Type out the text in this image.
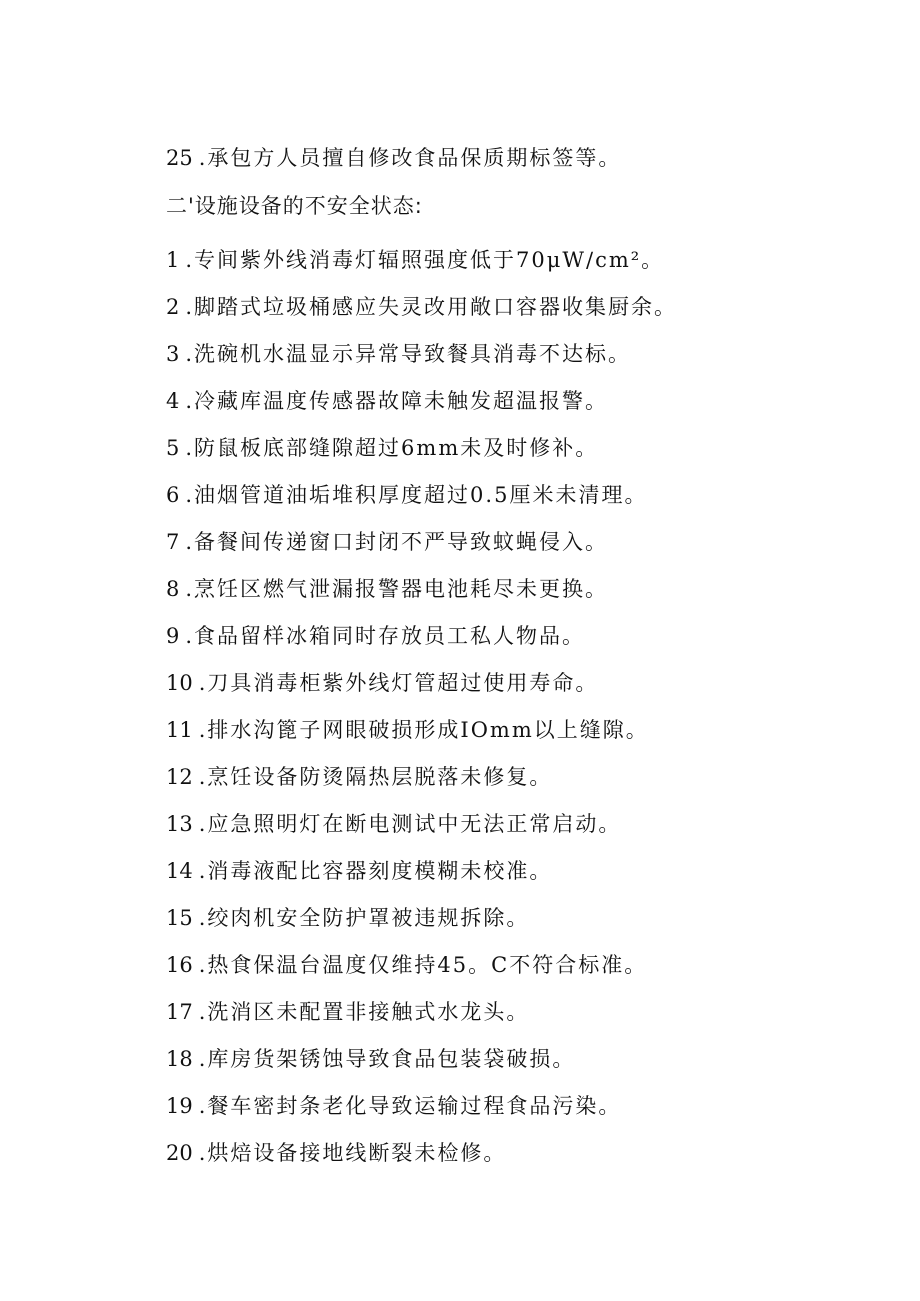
25 .承包方人员擅自修改食品保质期标签等。
二'设施设备的不安全状态:
1 .专间紫外线消毒灯辐照强度低于70μW∕cm²。
2 .脚踏式垃圾桶感应失灵改用敞口容器收集厨余。
3 .洗碗机水温显示异常导致餐具消毒不达标。
4 .冷藏库温度传感器故障未触发超温报警。
5 .防鼠板底部缝隙超过6mm未及时修补。
6 .油烟管道油垢堆积厚度超过0.5厘米未清理。
7 .备餐间传递窗口封闭不严导致蚊蝇侵入。
8 .烹饪区燃气泄漏报警器电池耗尽未更换。
9 .食品留样冰箱同时存放员工私人物品。
10 .刀具消毒柜紫外线灯管超过使用寿命。
11 .排水沟篦子网眼破损形成IOmm以上缝隙。
12 .烹饪设备防烫隔热层脱落未修复。
13 .应急照明灯在断电测试中无法正常启动。
14 .消毒液配比容器刻度模糊未校准。
15 .绞肉机安全防护罩被违规拆除。
16 .热食保温台温度仅维持45。C不符合标准。
17 .洗消区未配置非接触式水龙头。
18 .库房货架锈蚀导致食品包装袋破损。
19 .餐车密封条老化导致运输过程食品污染。
20 .烘焙设备接地线断裂未检修。
